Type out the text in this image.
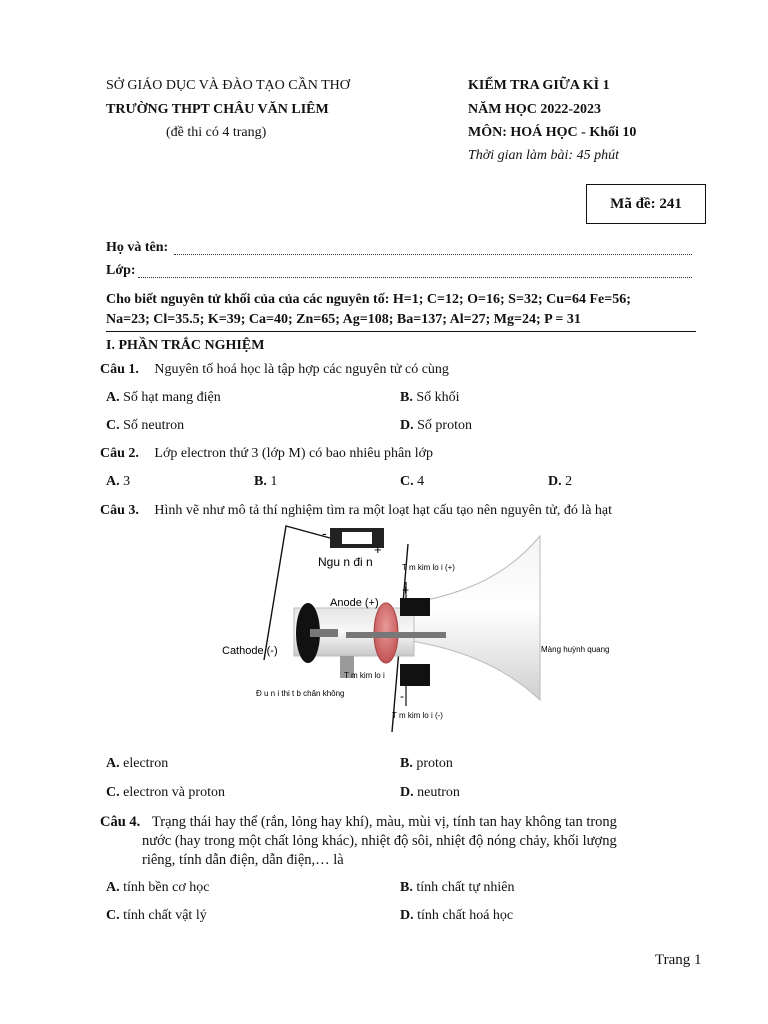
SỞ GIÁO DỤC VÀ ĐÀO TẠO CẦN THƠ
TRƯỜNG THPT CHÂU VĂN LIÊM
(đề thi có 4 trang)
KIỂM TRA GIỮA KÌ 1
NĂM HỌC 2022-2023
MÔN: HOÁ HỌC - Khối 10
Thời gian làm bài: 45 phút
Mã đề: 241
Họ và tên:
Lớp:
Cho biết nguyên tử khối của của các nguyên tố: H=1; C=12; O=16; S=32; Cu=64 Fe=56;
Na=23; Cl=35.5; K=39; Ca=40; Zn=65; Ag=108; Ba=137; Al=27; Mg=24; P = 31
I. PHẦN TRẮC NGHIỆM
Câu 1. Nguyên tố hoá học là tập hợp các nguyên tử có cùng
A. Số hạt mang điện	B. Số khối
C. Số neutron	D. Số proton
Câu 2. Lớp electron thứ 3 (lớp M) có bao nhiêu phân lớp
A. 3	B. 1	C. 4	D. 2
Câu 3. Hình vẽ như mô tả thí nghiệm tìm ra một loạt hạt cấu tạo nên nguyên tử, đó là hạt
-
+
Ngu n đi n	T m kim lo i (+)
+
Anode (+)
Cathode (-)	Màng huỳnh quang
T m kim lo i
Đ u n i thi t b chân không	-
T m kim lo i (-)
A. electron	B. proton
C. electron và proton	D. neutron
Câu 4. Trạng thái hay thể (rắn, lỏng hay khí), màu, mùi vị, tính tan hay không tan trong
nước (hay trong một chất lỏng khác), nhiệt độ sôi, nhiệt độ nóng chảy, khối lượng
riêng, tính dẫn điện, dẫn điện,… là
A. tính bền cơ học	B. tính chất tự nhiên
C. tính chất vật lý	D. tính chất hoá học
Trang 1
